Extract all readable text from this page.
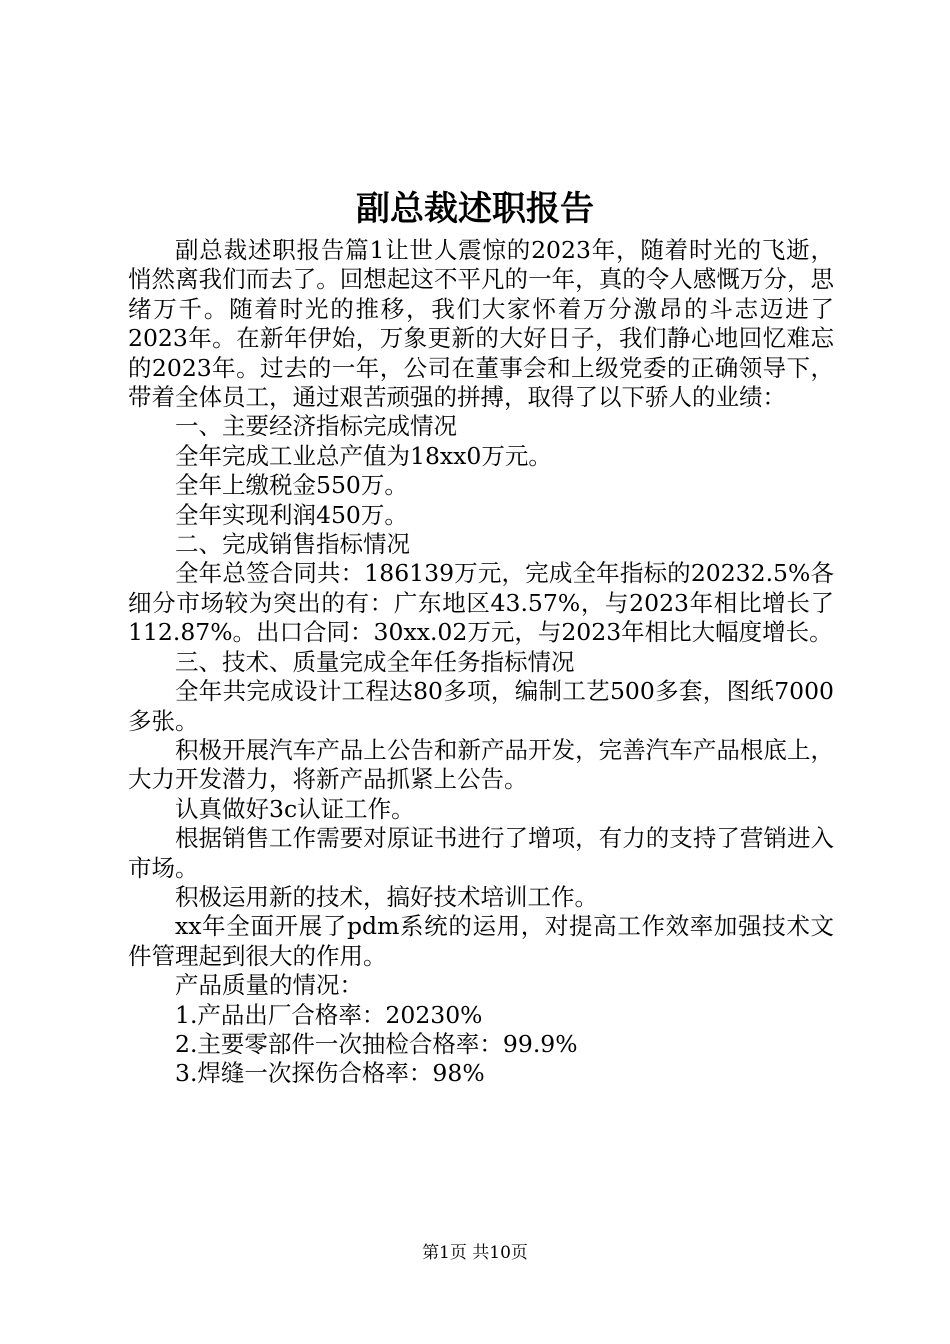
副总裁述职报告

副总裁述职报告篇1让世人震惊的2023年，随着时光的飞逝，悄然离我们而去了。回想起这不平凡的一年，真的令人感慨万分，思绪万千。随着时光的推移，我们大家怀着万分激昂的斗志迈进了2023年。在新年伊始，万象更新的大好日子，我们静心地回忆难忘的2023年。过去的一年，公司在董事会和上级党委的正确领导下，带着全体员工，通过艰苦顽强的拼搏，取得了以下骄人的业绩：

一、主要经济指标完成情况

全年完成工业总产值为18xx0万元。

全年上缴税金550万。

全年实现利润450万。

二、完成销售指标情况

全年总签合同共：186139万元，完成全年指标的20232.5%各细分市场较为突出的有：广东地区43.57%，与2023年相比增长了112.87%。出口合同：30xx.02万元，与2023年相比大幅度增长。

三、技术、质量完成全年任务指标情况

全年共完成设计工程达80多项，编制工艺500多套，图纸7000多张。

积极开展汽车产品上公告和新产品开发，完善汽车产品根底上，大力开发潜力，将新产品抓紧上公告。

认真做好3c认证工作。

根据销售工作需要对原证书进行了增项，有力的支持了营销进入市场。

积极运用新的技术，搞好技术培训工作。

xx年全面开展了pdm系统的运用，对提高工作效率加强技术文件管理起到很大的作用。

产品质量的情况：

1.产品出厂合格率：20230%

2.主要零部件一次抽检合格率：99.9%

3.焊缝一次探伤合格率：98%

第1页 共10页
